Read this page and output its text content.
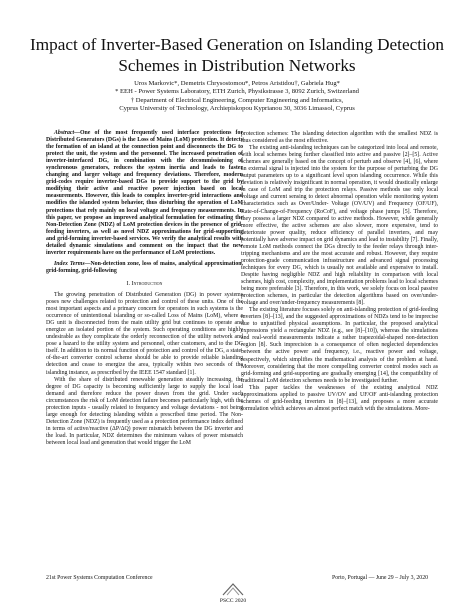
Impact of Inverter-Based Generation on Islanding Detection Schemes in Distribution Networks
Uros Markovic*, Demetris Chrysostomou*, Petros Aristidou†, Gabriela Hug*
* EEH - Power Systems Laboratory, ETH Zurich, Physikstrasse 3, 8092 Zurich, Switzerland
† Department of Electrical Engineering, Computer Engineering and Informatics,
Cyprus University of Technology, Archiepiskopou Kyprianou 30, 3036 Limassol, Cyprus

Abstract—One of the most frequently used interface protections for Distributed Generators (DGs) is the Loss of Mains (LoM) protection. It detects the formation of an island at the connection point and disconnects the DG to protect the unit, the system and the personnel. The increased penetration of inverter-interfaced DG, in combination with the decommissioning of synchronous generators, reduces the system inertia and leads to faster changing and larger voltage and frequency deviations. Therefore, modern grid-codes require inverter-based DGs to provide support to the grid by modifying their active and reactive power injection based on local measurements. However, this leads to complex inverter-grid interactions and modifies the islanded system behavior, thus disturbing the operation of LoM protections that rely mainly on local voltage and frequency measurements. In this paper, we propose an improved analytical formulation for estimating the Non-Detection Zone (NDZ) of LoM protection devices in the presence of grid-feeding inverters, as well as novel NDZ approximations for grid-supporting and grid-forming inverter-based services. We verify the analytical results with detailed dynamic simulations and comment on the impact that the new inverter requirements have on the performance of LoM protections.

Index Terms—Non-detection zone, loss of mains, analytical approximation, grid-forming, grid-following

I. Introduction

The growing penetration of Distributed Generation (DG) in power systems poses new challenges related to protection and control of these units. One of the most important aspects and a primary concern for operators in such systems is the occurrence of unintentional islanding or so-called Loss of Mains (LoM), where a DG unit is disconnected from the main utility grid but continues to operate and energize an isolated portion of the system. Such operating conditions are highly undesirable as they complicate the orderly reconnection of the utility network and pose a hazard to the utility system and personnel, other customers, and to the DG itself. In addition to its normal function of protection and control of the DG, a state-of-the-art converter control scheme should be able to provide reliable islanding detection and cease to energize the area, typically within two seconds of the islanding instance, as prescribed by the IEEE 1547 standard [1].

With the share of distributed renewable generation steadily increasing, the degree of DG capacity is becoming sufficiently large to supply the local load demand and therefore reduce the power drawn from the grid. Under such circumstances the risk of LoM detection failure becomes particularly high, with the protection inputs - usually related to frequency and voltage deviations - not being large enough for detecting islanding within a prescribed time period. The Non-Detection Zone (NDZ) is frequently used as a protection performance index defined in terms of active/reactive (ΔP/ΔQ) power mismatch between the DG inverter and the load. In particular, NDZ determines the minimum values of power mismatch between local load and generation that would trigger the LoM

protection schemes: The islanding detection algorithm with the smallest NDZ is thus considered as the most effective.

The existing anti-islanding techniques can be categorized into local and remote, with local schemes being further classified into active and passive [2]–[5]. Active schemes are generally based on the concept of perturb and observe [4], [6], where an external signal is injected into the system for the purpose of perturbing the DG output parameters up to a significant level upon islanding occurrence. While this deviation is relatively insignificant in normal operation, it would drastically enlarge in case of LoM and trip the protection relays. Passive methods use only local voltage and current sensing to detect abnormal operation while monitoring system characteristics such as Over/Under- Voltage (OV/UV) and Frequency (OF/UF), Rate-of-Change-of-Frequency (RoCoF), and voltage phase jumps [5]. Therefore, they possess a larger NDZ compared to active methods. However, while generally more effective, the active schemes are also slower, more expensive, tend to deteriorate power quality, reduce efficiency of parallel inverters, and may potentially have adverse impact on grid dynamics and lead to instability [7]. Finally, remote LoM methods connect the DGs directly to the feeder relays through inter-tripping mechanisms and are the most accurate and robust. However, they require protection-grade communication infrastructure and advanced signal processing techniques for every DG, which is usually not available and expensive to install. Despite having negligible NDZ and high reliability in comparison with local schemes, high cost, complexity, and implementation problems lead to local schemes being more preferable [3]. Therefore, in this work, we solely focus on local passive protection schemes, in particular the detection algorithms based on over/under-voltage and over/under-frequency measurements [8].

The existing literature focuses solely on anti-islanding protection of grid-feeding inverters [8]–[13], and the suggested approximations of NDZs tend to be imprecise due to unjustified physical assumptions. In particular, the proposed analytical expressions yield a rectangular NDZ (e.g., see [8]–[10]), whereas the simulations and real-world measurements indicate a rather trapezoidal-shaped non-detection region [8]. Such imprecision is a consequence of often neglected dependencies between the active power and frequency, i.e., reactive power and voltage, respectively, which simplifies the mathematical analysis of the problem at hand. Moreover, considering that the more compelling converter control modes such as grid-forming and grid-supporting are gradually emerging [14], the compatibility of traditional LoM detection schemes needs to be investigated further.

This paper tackles the weaknesses of the existing analytical NDZ approximations applied to passive UV/OV and UF/OF anti-islanding protection schemes of grid-feeding inverters in [8]–[13], and proposes a more accurate formulation which achieves an almost perfect match with the simulations. More-

21st Power Systems Computation Conference	Porto, Portugal — June 29 – July 3, 2020
PSCC 2020
